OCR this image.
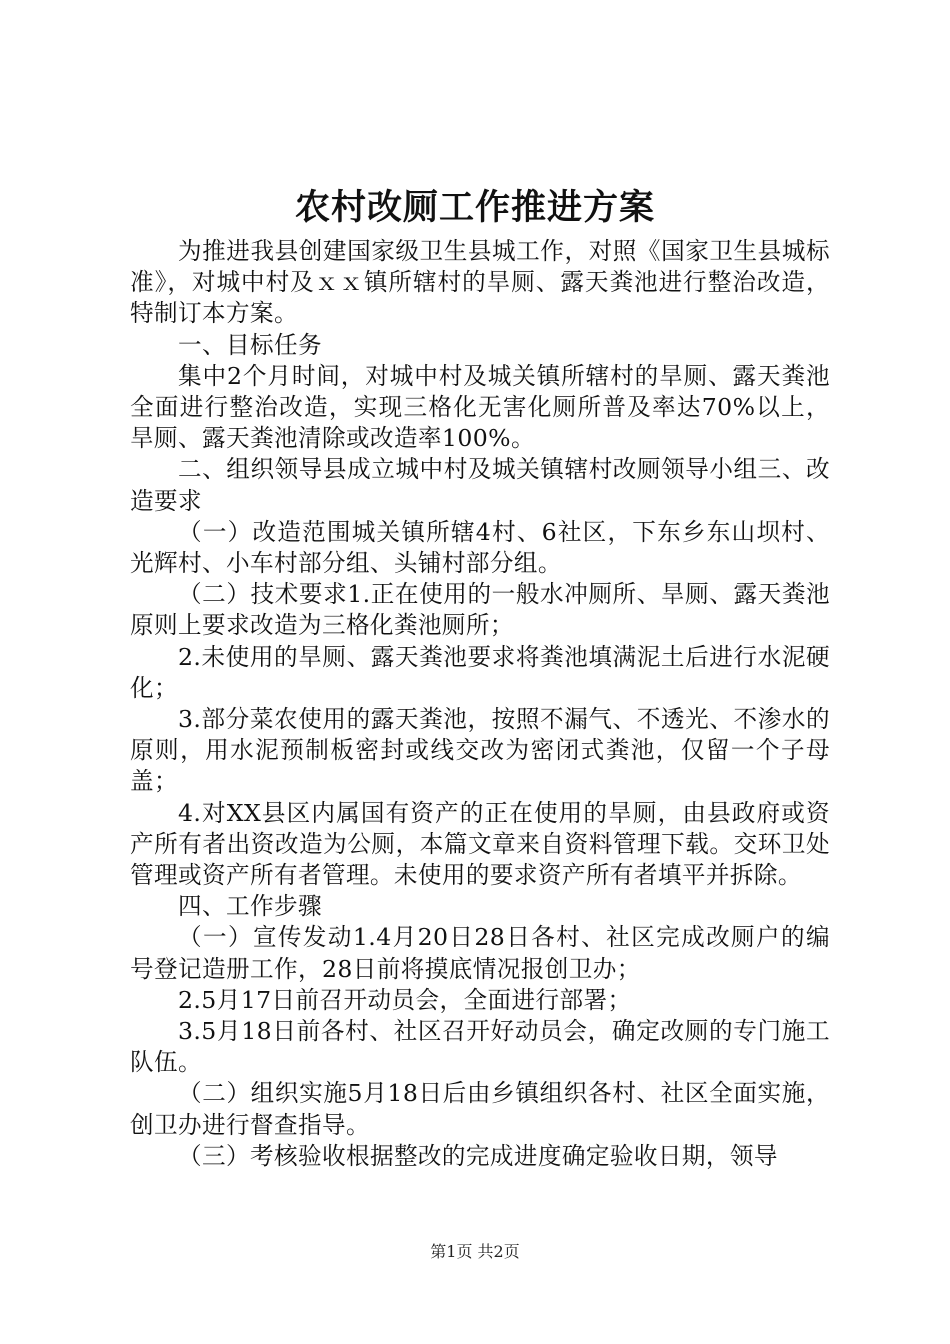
农村改厕工作推进方案

为推进我县创建国家级卫生县城工作，对照《国家卫生县城标准》，对城中村及ｘｘ镇所辖村的旱厕、露天粪池进行整治改造，特制订本方案。

一、目标任务

集中2个月时间，对城中村及城关镇所辖村的旱厕、露天粪池全面进行整治改造，实现三格化无害化厕所普及率达70%以上，旱厕、露天粪池清除或改造率100%。

二、组织领导县成立城中村及城关镇辖村改厕领导小组三、改造要求

（一）改造范围城关镇所辖4村、6社区，下东乡东山坝村、光辉村、小车村部分组、头铺村部分组。

（二）技术要求1.正在使用的一般水冲厕所、旱厕、露天粪池原则上要求改造为三格化粪池厕所；

2.未使用的旱厕、露天粪池要求将粪池填满泥土后进行水泥硬化；

3.部分菜农使用的露天粪池，按照不漏气、不透光、不渗水的原则，用水泥预制板密封或线交改为密闭式粪池，仅留一个子母盖；

4.对XX县区内属国有资产的正在使用的旱厕，由县政府或资产所有者出资改造为公厕，本篇文章来自资料管理下载。交环卫处管理或资产所有者管理。未使用的要求资产所有者填平并拆除。

四、工作步骤

（一）宣传发动1.4月20日28日各村、社区完成改厕户的编号登记造册工作，28日前将摸底情况报创卫办；

2.5月17日前召开动员会，全面进行部署；

3.5月18日前各村、社区召开好动员会，确定改厕的专门施工队伍。

（二）组织实施5月18日后由乡镇组织各村、社区全面实施，创卫办进行督查指导。

（三）考核验收根据整改的完成进度确定验收日期，领导

第1页 共2页
